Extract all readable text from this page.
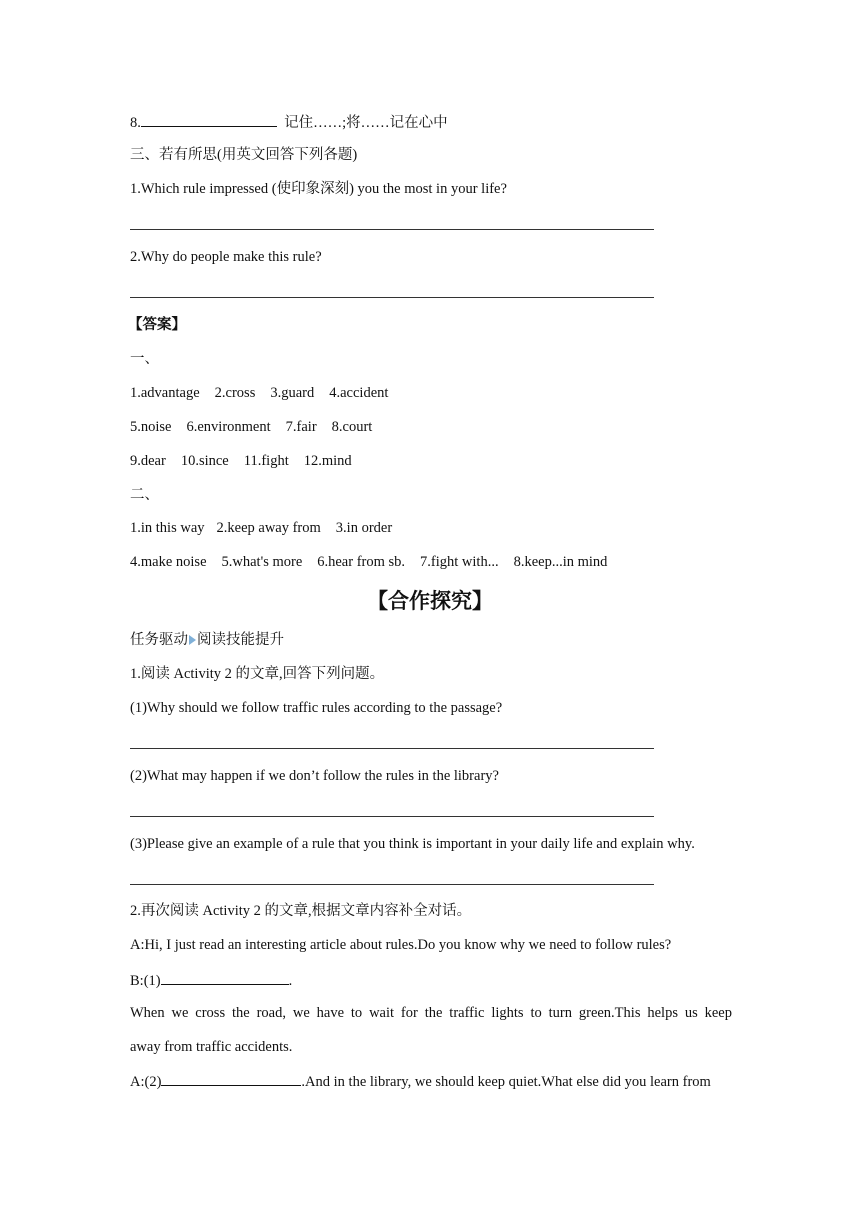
8.	记住……;将……记在心中
三、若有所思(用英文回答下列各题)
1.Which rule impressed (使印象深刻) you the most in your life?
2.Why do people make this rule?
【答案】
一、
1.advantage 2.cross 3.guard 4.accident
5.noise 6.environment 7.fair 8.court
9.dear 10.since 11.fight 12.mind
二、
1.in this way 2.keep away from 3.in order
4.make noise 5.what's more 6.hear from sb. 7.fight with... 8.keep...in mind
【合作探究】
任务驱动 阅读技能提升
1.阅读 Activity 2 的文章,回答下列问题。
(1)Why should we follow traffic rules according to the passage?
(2)What may happen if we don’t follow the rules in the library?
(3)Please give an example of a rule that you think is important in your daily life and explain why.
2.再次阅读 Activity 2 的文章,根据文章内容补全对话。
A:Hi, I just read an interesting article about rules.Do you know why we need to follow rules?
B:(1)	.
When we cross the road, we have to wait for the traffic lights to turn green.This helps us keep
away from traffic accidents.
A:(2)	.And in the library, we should keep quiet.What else did you learn from
